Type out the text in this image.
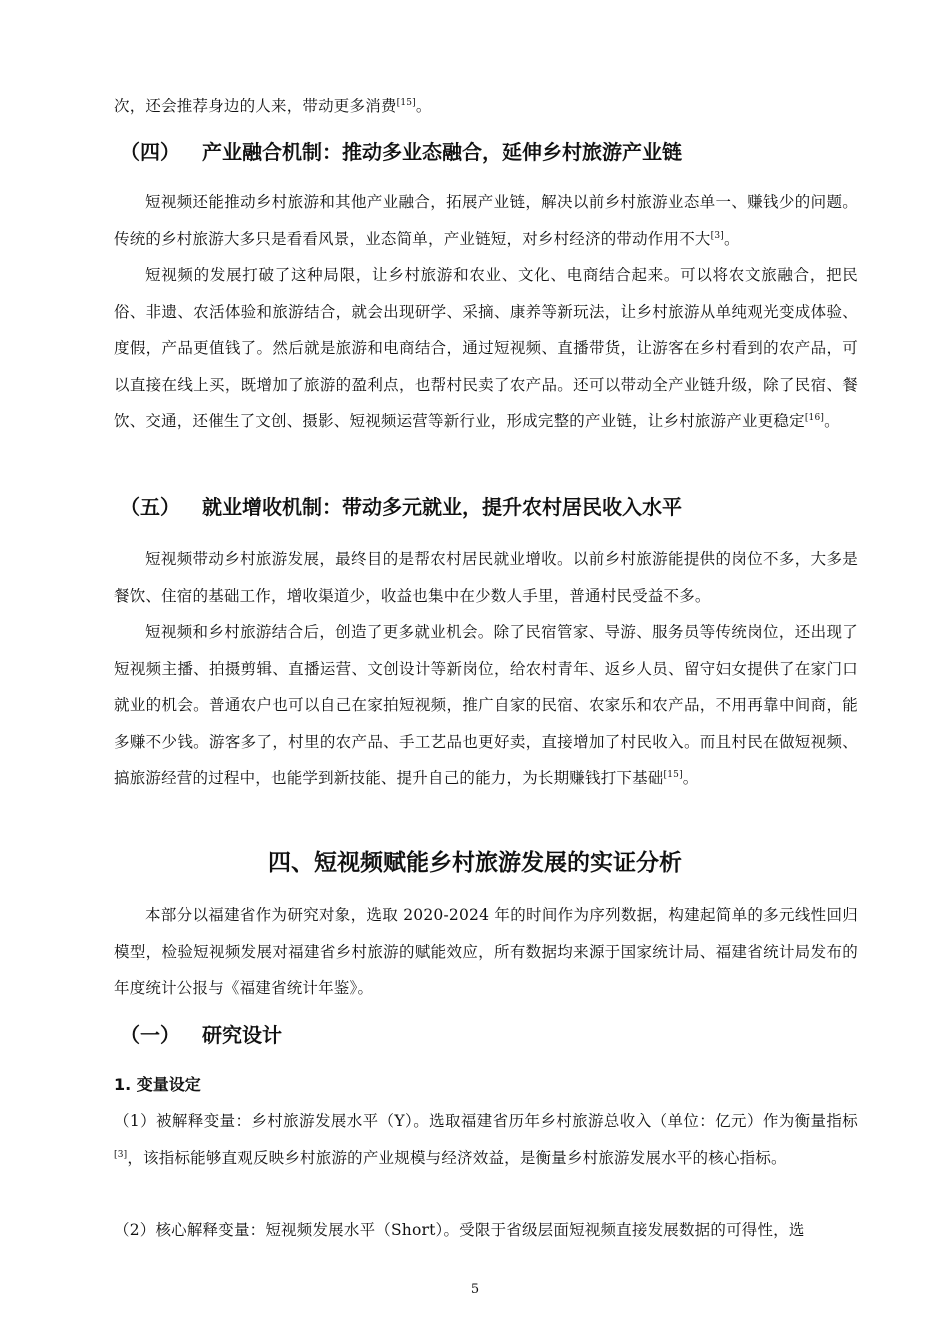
次，还会推荐身边的人来，带动更多消费[15]。
（四） 产业融合机制：推动多业态融合，延伸乡村旅游产业链
短视频还能推动乡村旅游和其他产业融合，拓展产业链，解决以前乡村旅游业态单一、赚钱少的问题。传统的乡村旅游大多只是看看风景，业态简单，产业链短，对乡村经济的带动作用不大[3]。
短视频的发展打破了这种局限，让乡村旅游和农业、文化、电商结合起来。可以将农文旅融合，把民俗、非遗、农活体验和旅游结合，就会出现研学、采摘、康养等新玩法，让乡村旅游从单纯观光变成体验、度假，产品更值钱了。然后就是旅游和电商结合，通过短视频、直播带货，让游客在乡村看到的农产品，可以直接在线上买，既增加了旅游的盈利点，也帮村民卖了农产品。还可以带动全产业链升级，除了民宿、餐饮、交通，还催生了文创、摄影、短视频运营等新行业，形成完整的产业链，让乡村旅游产业更稳定[16]。
（五） 就业增收机制：带动多元就业，提升农村居民收入水平
短视频带动乡村旅游发展，最终目的是帮农村居民就业增收。以前乡村旅游能提供的岗位不多，大多是餐饮、住宿的基础工作，增收渠道少，收益也集中在少数人手里，普通村民受益不多。
短视频和乡村旅游结合后，创造了更多就业机会。除了民宿管家、导游、服务员等传统岗位，还出现了短视频主播、拍摄剪辑、直播运营、文创设计等新岗位，给农村青年、返乡人员、留守妇女提供了在家门口就业的机会。普通农户也可以自己在家拍短视频，推广自家的民宿、农家乐和农产品，不用再靠中间商，能多赚不少钱。游客多了，村里的农产品、手工艺品也更好卖，直接增加了村民收入。而且村民在做短视频、搞旅游经营的过程中，也能学到新技能、提升自己的能力，为长期赚钱打下基础[15]。
四、短视频赋能乡村旅游发展的实证分析
本部分以福建省作为研究对象，选取 2020-2024 年的时间作为序列数据，构建起简单的多元线性回归模型，检验短视频发展对福建省乡村旅游的赋能效应，所有数据均来源于国家统计局、福建省统计局发布的年度统计公报与《福建省统计年鉴》。
（一） 研究设计
1. 变量设定
（1）被解释变量：乡村旅游发展水平（Y）。选取福建省历年乡村旅游总收入（单位：亿元）作为衡量指标[3]，该指标能够直观反映乡村旅游的产业规模与经济效益，是衡量乡村旅游发展水平的核心指标。
（2）核心解释变量：短视频发展水平（Short）。受限于省级层面短视频直接发展数据的可得性，选
5
